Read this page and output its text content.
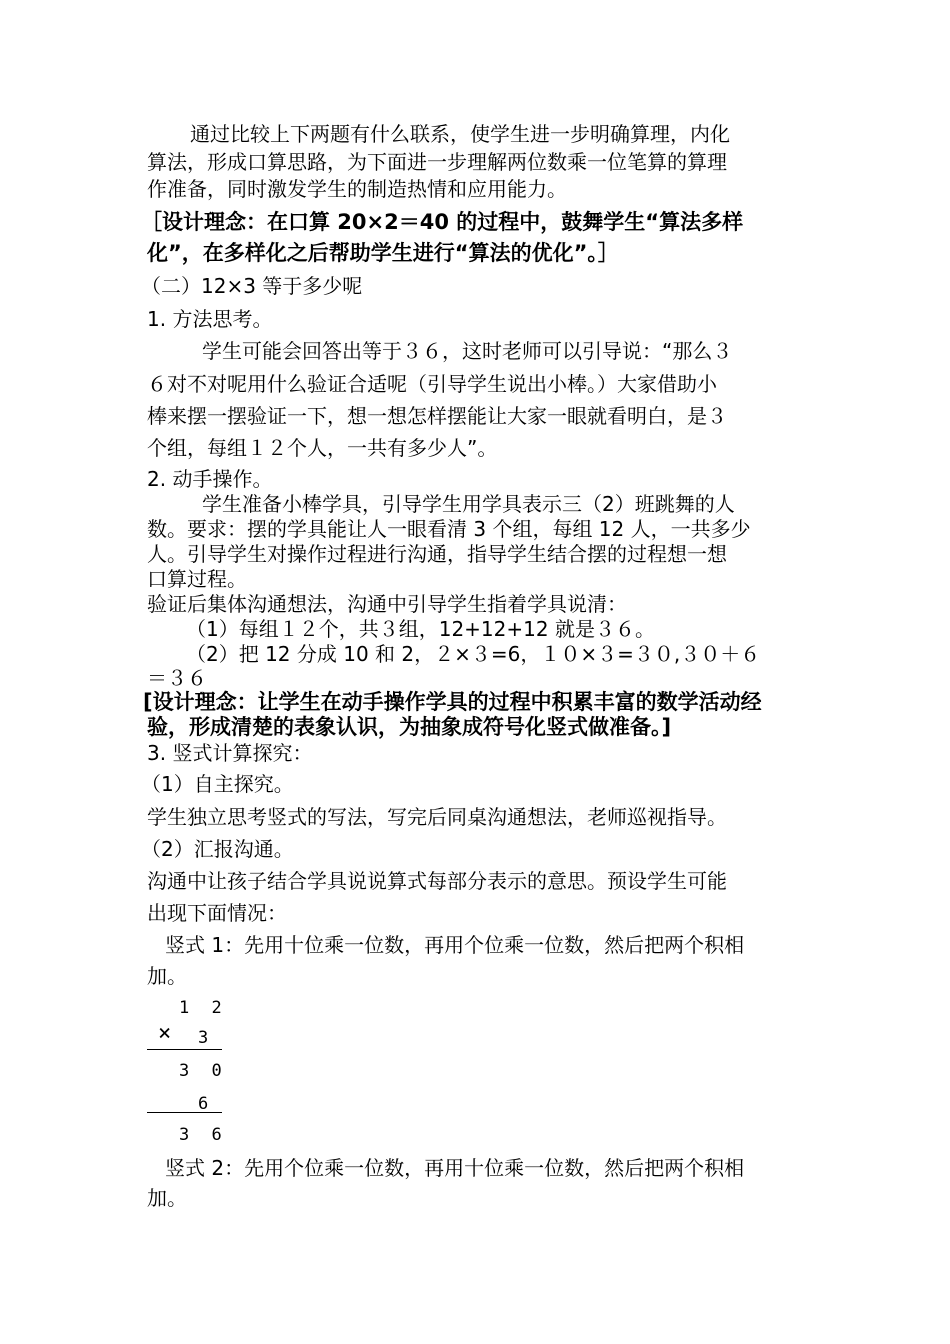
通过比较上下两题有什么联系，使学生进一步明确算理，内化
算法，形成口算思路，为下面进一步理解两位数乘一位笔算的算理
作准备，同时激发学生的制造热情和应用能力。
［设计理念：在口算 20×2＝40 的过程中，鼓舞学生“算法多样
化”，在多样化之后帮助学生进行“算法的优化”。］
（二）12×3 等于多少呢
1. 方法思考。
学生可能会回答出等于３６，这时老师可以引导说：“那么３
６对不对呢用什么验证合适呢（引导学生说出小棒。）大家借助小
棒来摆一摆验证一下，想一想怎样摆能让大家一眼就看明白，是３
个组，每组１２个人，一共有多少人”。
2. 动手操作。
学生准备小棒学具，引导学生用学具表示三（2）班跳舞的人
数。要求：摆的学具能让人一眼看清 3 个组，每组 12 人，一共多少
人。引导学生对操作过程进行沟通，指导学生结合摆的过程想一想
口算过程。
验证后集体沟通想法，沟通中引导学生指着学具说清：
（1）每组１２个，共３组，12+12+12 就是３６。
（2）把 12 分成 10 和 2，２×３=6，１０×３=３０,３０＋６
＝３６
[设计理念：让学生在动手操作学具的过程中积累丰富的数学活动经
验，形成清楚的表象认识，为抽象成符号化竖式做准备。]
3. 竖式计算探究：
（1）自主探究。
学生独立思考竖式的写法，写完后同桌沟通想法，老师巡视指导。
（2）汇报沟通。
沟通中让孩子结合学具说说算式每部分表示的意思。预设学生可能
出现下面情况：
竖式 1：先用十位乘一位数，再用个位乘一位数，然后把两个积相
加。
1 2
× 3
3 0
6
3 6
竖式 2：先用个位乘一位数，再用十位乘一位数，然后把两个积相
加。
